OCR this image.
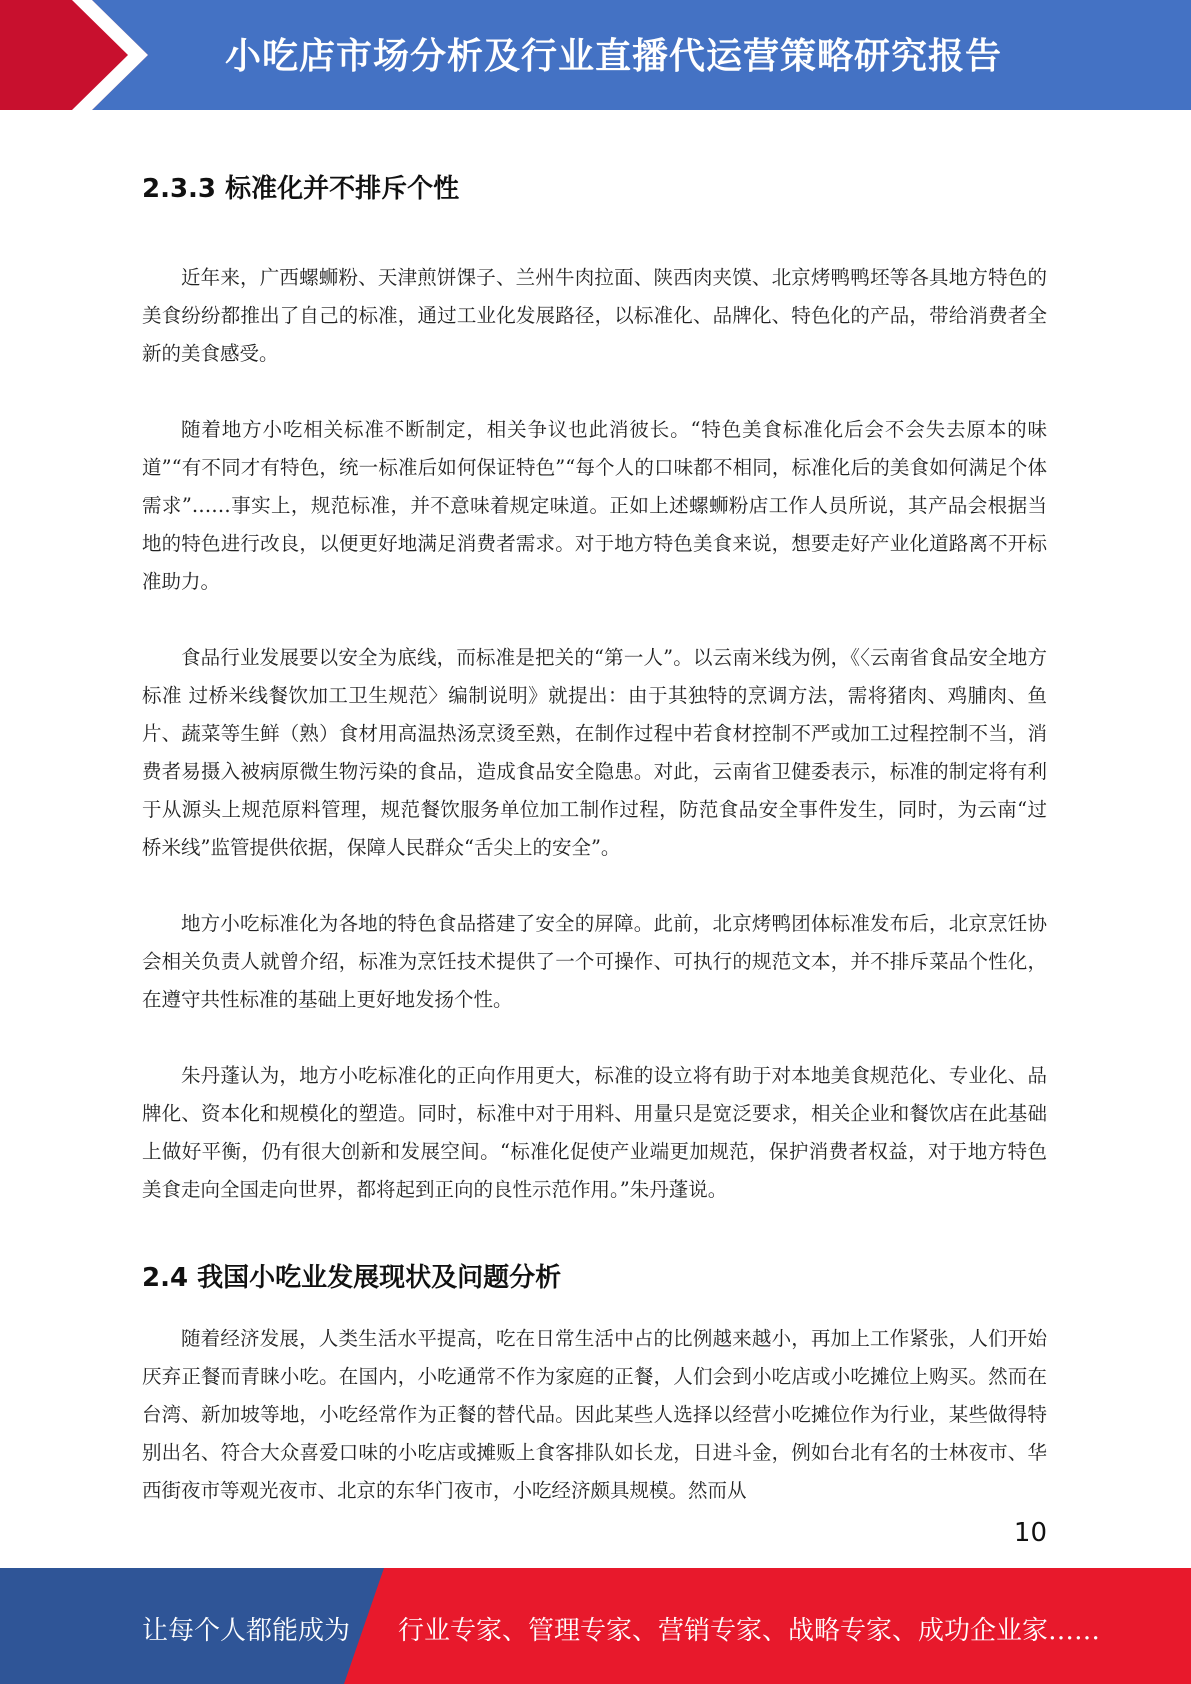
小吃店市场分析及行业直播代运营策略研究报告
2.3.3 标准化并不排斥个性

近年来，广西螺蛳粉、天津煎饼馃子、兰州牛肉拉面、陕西肉夹馍、北京烤鸭鸭坯等各具地方特色的美食纷纷都推出了自己的标准，通过工业化发展路径，以标准化、品牌化、特色化的产品，带给消费者全新的美食感受。

随着地方小吃相关标准不断制定，相关争议也此消彼长。“特色美食标准化后会不会失去原本的味道”“有不同才有特色，统一标准后如何保证特色”“每个人的口味都不相同，标准化后的美食如何满足个体需求”……事实上，规范标准，并不意味着规定味道。正如上述螺蛳粉店工作人员所说，其产品会根据当地的特色进行改良，以便更好地满足消费者需求。对于地方特色美食来说，想要走好产业化道路离不开标准助力。

食品行业发展要以安全为底线，而标准是把关的“第一人”。以云南米线为例，《〈云南省食品安全地方标准 过桥米线餐饮加工卫生规范〉编制说明》就提出：由于其独特的烹调方法，需将猪肉、鸡脯肉、鱼片、蔬菜等生鲜（熟）食材用高温热汤烹烫至熟，在制作过程中若食材控制不严或加工过程控制不当，消费者易摄入被病原微生物污染的食品，造成食品安全隐患。对此，云南省卫健委表示，标准的制定将有利于从源头上规范原料管理，规范餐饮服务单位加工制作过程，防范食品安全事件发生，同时，为云南“过桥米线”监管提供依据，保障人民群众“舌尖上的安全”。

地方小吃标准化为各地的特色食品搭建了安全的屏障。此前，北京烤鸭团体标准发布后，北京烹饪协会相关负责人就曾介绍，标准为烹饪技术提供了一个可操作、可执行的规范文本，并不排斥菜品个性化，在遵守共性标准的基础上更好地发扬个性。

朱丹蓬认为，地方小吃标准化的正向作用更大，标准的设立将有助于对本地美食规范化、专业化、品牌化、资本化和规模化的塑造。同时，标准中对于用料、用量只是宽泛要求，相关企业和餐饮店在此基础上做好平衡，仍有很大创新和发展空间。“标准化促使产业端更加规范，保护消费者权益，对于地方特色美食走向全国走向世界，都将起到正向的良性示范作用。”朱丹蓬说。

2.4 我国小吃业发展现状及问题分析

随着经济发展，人类生活水平提高，吃在日常生活中占的比例越来越小，再加上工作紧张，人们开始厌弃正餐而青睐小吃。在国内，小吃通常不作为家庭的正餐，人们会到小吃店或小吃摊位上购买。然而在台湾、新加坡等地，小吃经常作为正餐的替代品。因此某些人选择以经营小吃摊位作为行业，某些做得特别出名、符合大众喜爱口味的小吃店或摊贩上食客排队如长龙，日进斗金，例如台北有名的士林夜市、华西街夜市等观光夜市、北京的东华门夜市，小吃经济颇具规模。然而从

10
让每个人都能成为 行业专家、管理专家、营销专家、战略专家、成功企业家……
